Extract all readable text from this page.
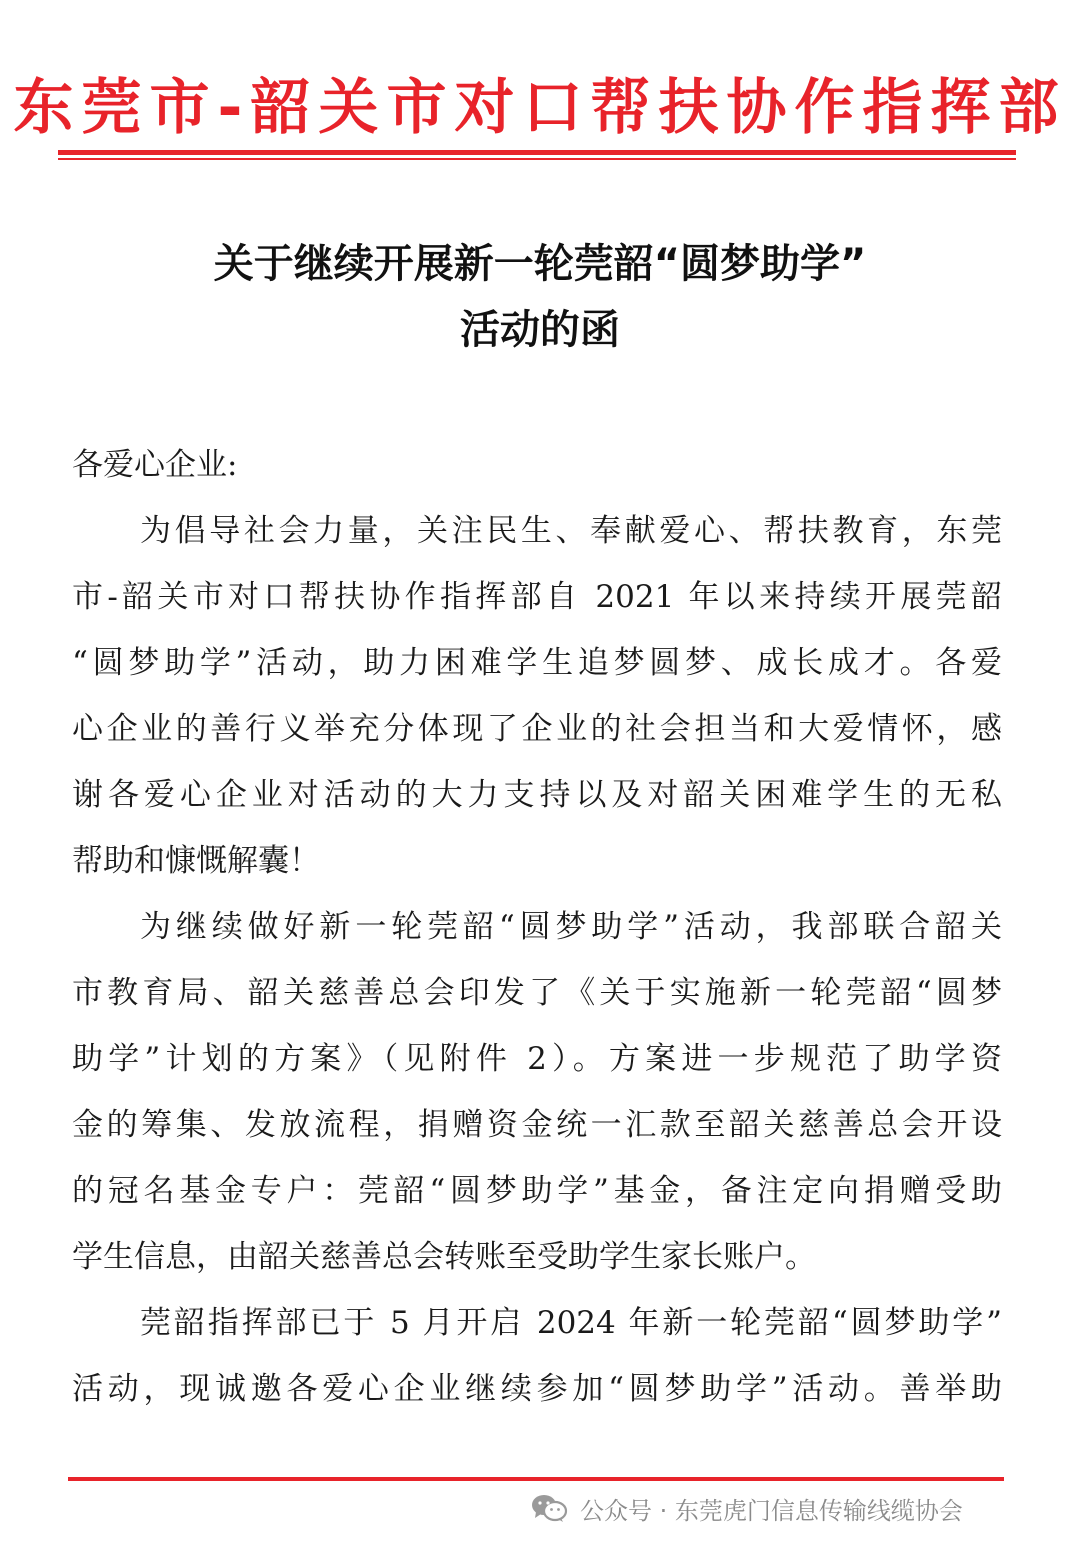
东莞市-韶关市对口帮扶协作指挥部
关于继续开展新一轮莞韶“圆梦助学”
活动的函
各爱心企业:
为倡导社会力量，关注民生、奉献爱心、帮扶教育，东莞
市-韶关市对口帮扶协作指挥部自 2021 年以来持续开展莞韶
“圆梦助学”活动，助力困难学生追梦圆梦、成长成才。各爱
心企业的善行义举充分体现了企业的社会担当和大爱情怀，感
谢各爱心企业对活动的大力支持以及对韶关困难学生的无私
帮助和慷慨解囊！
为继续做好新一轮莞韶“圆梦助学”活动，我部联合韶关
市教育局、韶关慈善总会印发了《关于实施新一轮莞韶“圆梦
助学”计划的方案》（见附件 2）。方案进一步规范了助学资
金的筹集、发放流程，捐赠资金统一汇款至韶关慈善总会开设
的冠名基金专户：莞韶“圆梦助学”基金，备注定向捐赠受助
学生信息，由韶关慈善总会转账至受助学生家长账户。
莞韶指挥部已于 5 月开启 2024 年新一轮莞韶“圆梦助学”
活动，现诚邀各爱心企业继续参加“圆梦助学”活动。善举助
公众号 · 东莞虎门信息传输线缆协会
